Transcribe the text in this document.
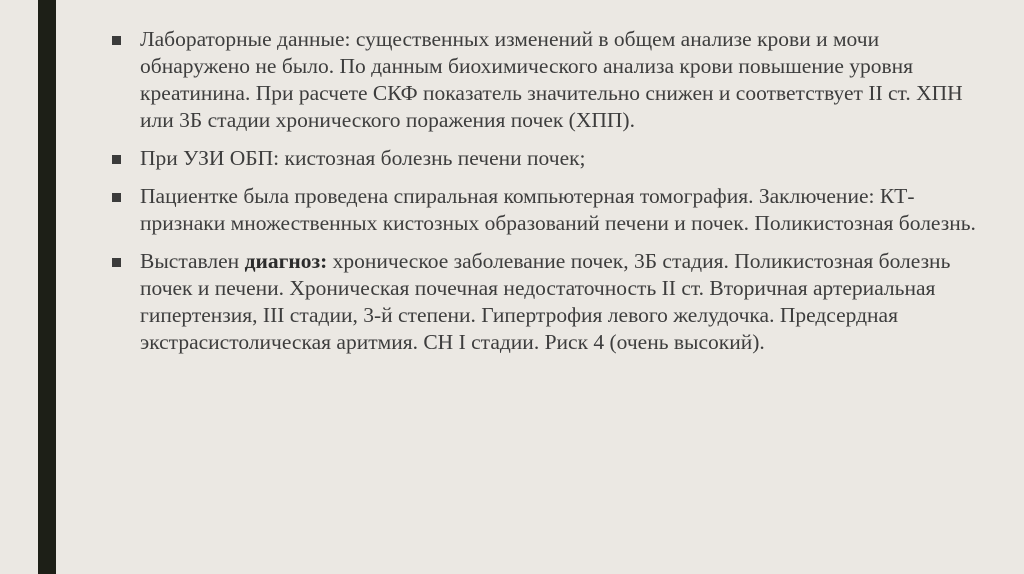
Лабораторные данные: существенных изменений в общем анализе крови и мочи обнаружено не было. По данным биохимического анализа крови повышение уровня креатинина. При расчете СКФ показатель значительно снижен и соответствует II ст. ХПН или 3Б стадии хронического поражения почек (ХПП).
При УЗИ ОБП: кистозная болезнь печени почек;
Пациентке была проведена спиральная компьютерная томография. Заключение: КТ-признаки множественных кистозных образований печени и почек. Поликистозная болезнь.
Выставлен диагноз: хроническое заболевание почек, 3Б стадия. Поликистозная болезнь почек и печени. Хроническая почечная недостаточность II ст. Вторичная артериальная гипертензия, III стадии, 3-й степени. Гипертрофия левого желудочка. Предсердная экстрасистолическая аритмия. СН I стадии. Риск 4 (очень высокий).
